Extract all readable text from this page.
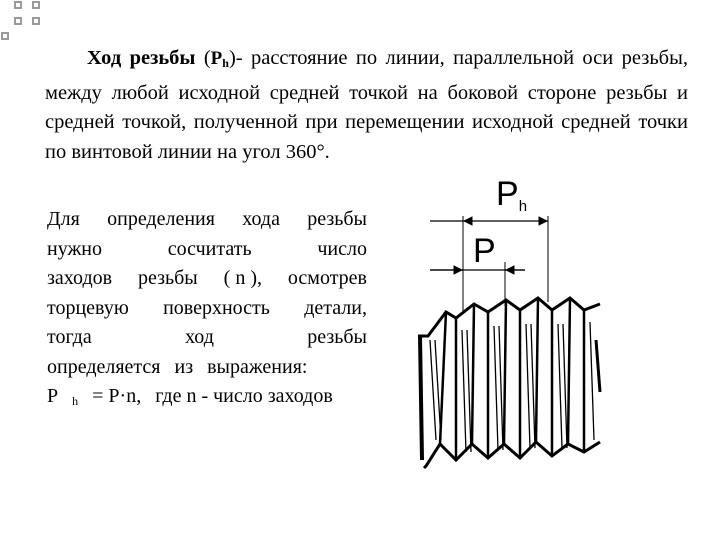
Ход резьбы $(P_h)-$ расстояние по линии, параллельной оси резьбы, между любой исходной средней точкой на боковой стороне резьбы и средней точкой, полученной при перемещении исходной средней точки по винтовой линии на угол 360°.

Для определения хода резьбы
нужно	сосчитать	число
заходов резьбы ( n ), осмотрев
торцевую поверхность детали,
тогда	ход	резьбы
определяется из выражения:
P h = P·n, где n - число заходов
Ph
P
